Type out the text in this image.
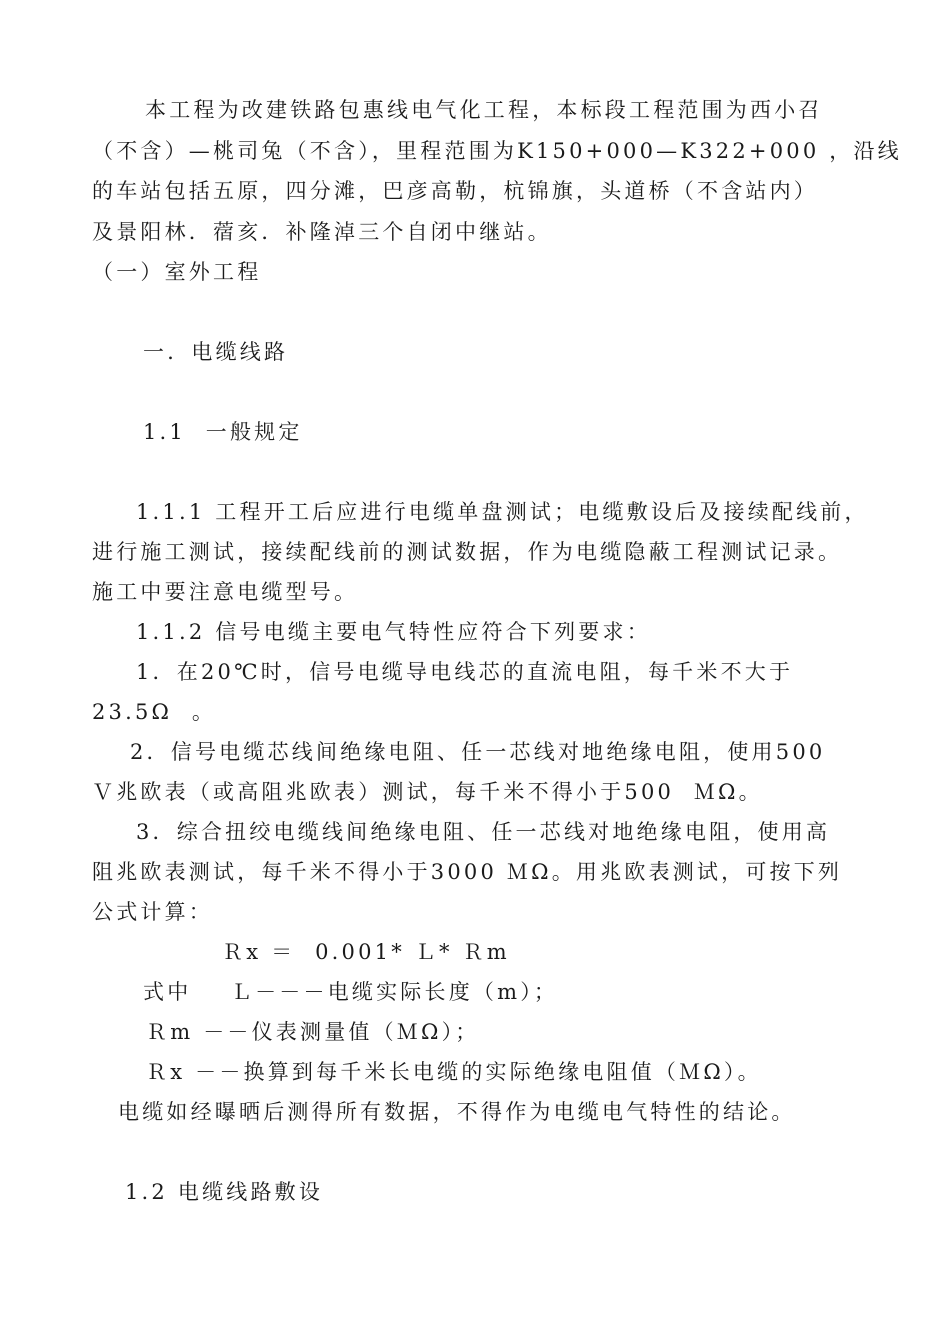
本工程为改建铁路包惠线电气化工程，本标段工程范围为西小召
（不含）—桃司兔（不含），里程范围为K150+000—K322+000 ，沿线
的车站包括五原，四分滩，巴彦高勒，杭锦旗，头道桥（不含站内）
及景阳林．蓿亥．补隆淖三个自闭中继站。
（一）室外工程
一．电缆线路
1.1  一般规定
1.1.1 工程开工后应进行电缆单盘测试；电缆敷设后及接续配线前，
进行施工测试，接续配线前的测试数据，作为电缆隐蔽工程测试记录。
施工中要注意电缆型号。
1.1.2 信号电缆主要电气特性应符合下列要求：
1．在20℃时，信号电缆导电线芯的直流电阻，每千米不大于
23.5Ω  。
2．信号电缆芯线间绝缘电阻、任一芯线对地绝缘电阻，使用500
Ｖ兆欧表（或高阻兆欧表）测试，每千米不得小于500  ＭΩ。
3．综合扭绞电缆线间绝缘电阻、任一芯线对地绝缘电阻，使用高
阻兆欧表测试，每千米不得小于3000 ＭΩ。用兆欧表测试，可按下列
公式计算：
Ｒx ＝  0.001* Ｌ* Ｒm
式中    Ｌ－－－电缆实际长度（m）；
Ｒm －－仪表测量值（ＭΩ）；
Ｒx －－换算到每千米长电缆的实际绝缘电阻值（ＭΩ）。
电缆如经曝晒后测得所有数据，不得作为电缆电气特性的结论。
1.2 电缆线路敷设
